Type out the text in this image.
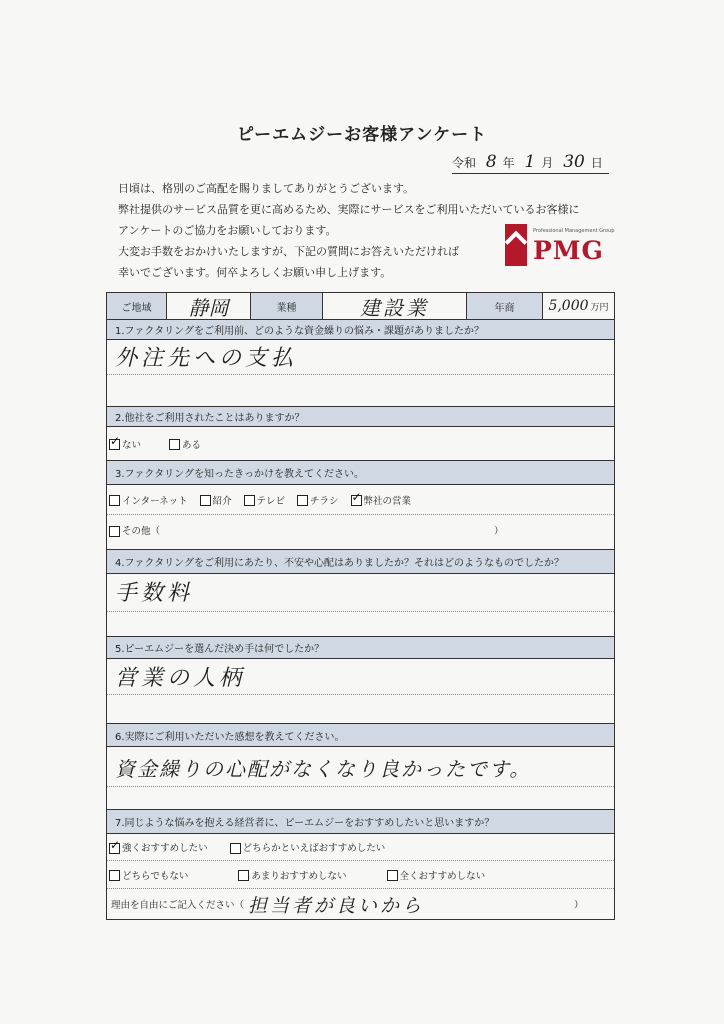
ピーエムジーお客様アンケート
令和 8 年 1 月 30 日
日頃は、格別のご高配を賜りましてありがとうございます。
弊社提供のサービス品質を更に高めるため、実際にサービスをご利用いただいているお客様に
アンケートのご協力をお願いしております。
大変お手数をおかけいたしますが、下記の質問にお答えいただければ
幸いでございます。何卒よろしくお願い申し上げます。
Professional Management Group
PMG
ご地域	静岡	業種	建設業	年商	5,000 万円
1.ファクタリングをご利用前、どのような資金繰りの悩み・課題がありましたか？
外注先への支払
2.他社をご利用されたことはありますか？
✓
ない	ある
3.ファクタリングを知ったきっかけを教えてください。
インターネット	紹介	テレビ	チラシ
✓	弊社の営業
その他（	）
4.ファクタリングをご利用にあたり、不安や心配はありましたか？それはどのようなものでしたか？
手数料
5.ピーエムジーを選んだ決め手は何でしたか？
営業の人柄
6.実際にご利用いただいた感想を教えてください。
資金繰りの心配がなくなり良かったです。
7.同じような悩みを抱える経営者に、ピーエムジーをおすすめしたいと思いますか？
✓
強くおすすめしたい	どちらかといえばおすすめしたい
どちらでもない	あまりおすすめしない	全くおすすめしない
理由を自由にご記入ください（ 担当者が良いから	）
